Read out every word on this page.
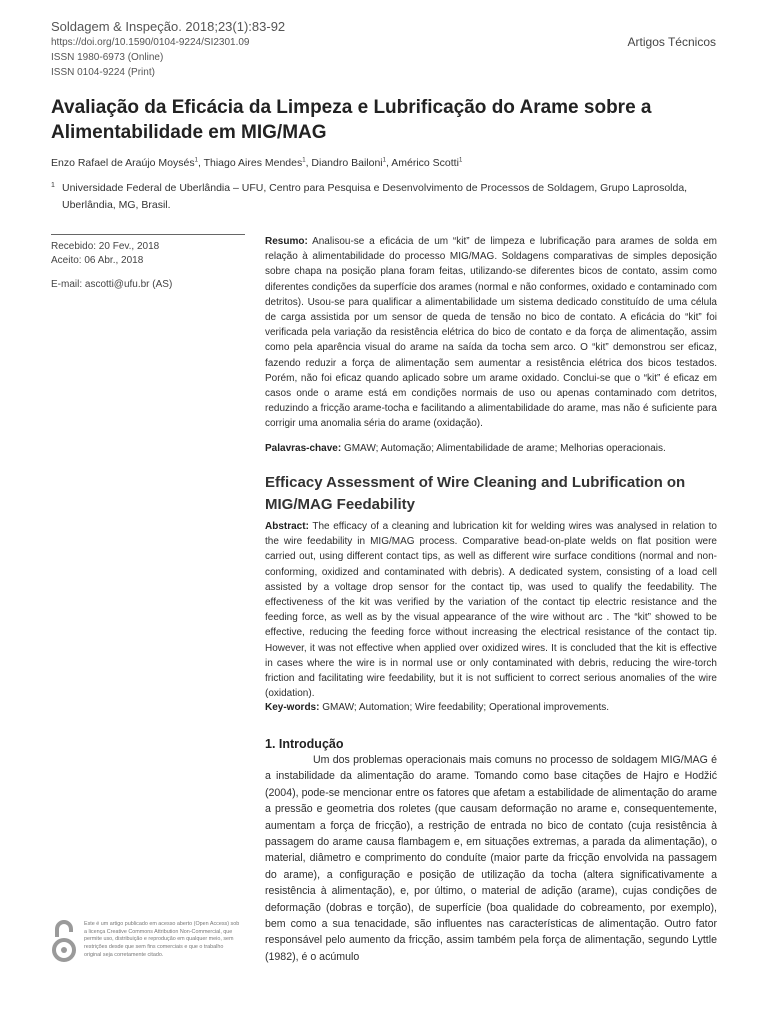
Soldagem & Inspeção. 2018;23(1):83-92
https://doi.org/10.1590/0104-9224/SI2301.09
ISSN 1980-6973 (Online)
ISSN 0104-9224 (Print)
Artigos Técnicos
Avaliação da Eficácia da Limpeza e Lubrificação do Arame sobre a Alimentabilidade em MIG/MAG
Enzo Rafael de Araújo Moysés$^1$, Thiago Aires Mendes$^1$, Diandro Bailoni$^1$, Américo Scotti$^1$
1 Universidade Federal de Uberlândia – UFU, Centro para Pesquisa e Desenvolvimento de Processos de Soldagem, Grupo Laprosolda, Uberlândia, MG, Brasil.
Recebido: 20 Fev., 2018
Aceito: 06 Abr., 2018
E-mail: ascotti@ufu.br (AS)
Resumo: Analisou-se a eficácia de um “kit” de limpeza e lubrificação para arames de solda em relação à alimentabilidade do processo MIG/MAG. Soldagens comparativas de simples deposição sobre chapa na posição plana foram feitas, utilizando-se diferentes bicos de contato, assim como diferentes condições da superfície dos arames (normal e não conformes, oxidado e contaminado com detritos). Usou-se para qualificar a alimentabilidade um sistema dedicado constituído de uma célula de carga assistida por um sensor de queda de tensão no bico de contato. A eficácia do “kit” foi verificada pela variação da resistência elétrica do bico de contato e da força de alimentação, assim como pela aparência visual do arame na saída da tocha sem arco. O “kit” demonstrou ser eficaz, fazendo reduzir a força de alimentação sem aumentar a resistência elétrica dos bicos testados. Porém, não foi eficaz quando aplicado sobre um arame oxidado. Conclui-se que o “kit” é eficaz em casos onde o arame está em condições normais de uso ou apenas contaminado com detritos, reduzindo a fricção arame-tocha e facilitando a alimentabilidade do arame, mas não é suficiente para corrigir uma anomalia séria do arame (oxidação).
Palavras-chave: GMAW; Automação; Alimentabilidade de arame; Melhorias operacionais.
Efficacy Assessment of Wire Cleaning and Lubrification on MIG/MAG Feedability
Abstract: The efficacy of a cleaning and lubrication kit for welding wires was analysed in relation to the wire feedability in MIG/MAG process. Comparative bead-on-plate welds on flat position were carried out, using different contact tips, as well as different wire surface conditions (normal and non-conforming, oxidized and contaminated with debris). A dedicated system, consisting of a load cell assisted by a voltage drop sensor for the contact tip, was used to qualify the feedability. The effectiveness of the kit was verified by the variation of the contact tip electric resistance and the feeding force, as well as by the visual appearance of the wire without arc . The “kit” showed to be effective, reducing the feeding force without increasing the electrical resistance of the contact tip. However, it was not effective when applied over oxidized wires. It is concluded that the kit is effective in cases where the wire is in normal use or only contaminated with debris, reducing the wire-torch friction and facilitating wire feedability, but it is not sufficient to correct serious anomalies of the wire (oxidation).
Key-words: GMAW; Automation; Wire feedability; Operational improvements.
1. Introdução
Um dos problemas operacionais mais comuns no processo de soldagem MIG/MAG é a instabilidade da alimentação do arame. Tomando como base citações de Hajro e Hodžić (2004), pode-se mencionar entre os fatores que afetam a estabilidade de alimentação do arame a pressão e geometria dos roletes (que causam deformação no arame e, consequentemente, aumentam a força de fricção), a restrição de entrada no bico de contato (cuja resistência à passagem do arame causa flambagem e, em situações extremas, a parada da alimentação), o material, diâmetro e comprimento do conduíte (maior parte da fricção envolvida na passagem do arame), a configuração e posição de utilização da tocha (altera significativamente a resistência à alimentação), e, por último, o material de adição (arame), cujas condições de deformação (dobras e torção), de superfície (boa qualidade do cobreamento, por exemplo), bem como a sua tenacidade, são influentes nas características de alimentação. Outro fator responsável pelo aumento da fricção, assim também pela força de alimentação, segundo Lyttle (1982), é o acúmulo
Este é um artigo publicado em acesso aberto (Open Access) sob a licença Creative Commons Attribution Non-Commercial, que permite uso, distribuição e reprodução em qualquer meio, sem restrições desde que sem fins comerciais e que o trabalho original seja corretamente citado.
